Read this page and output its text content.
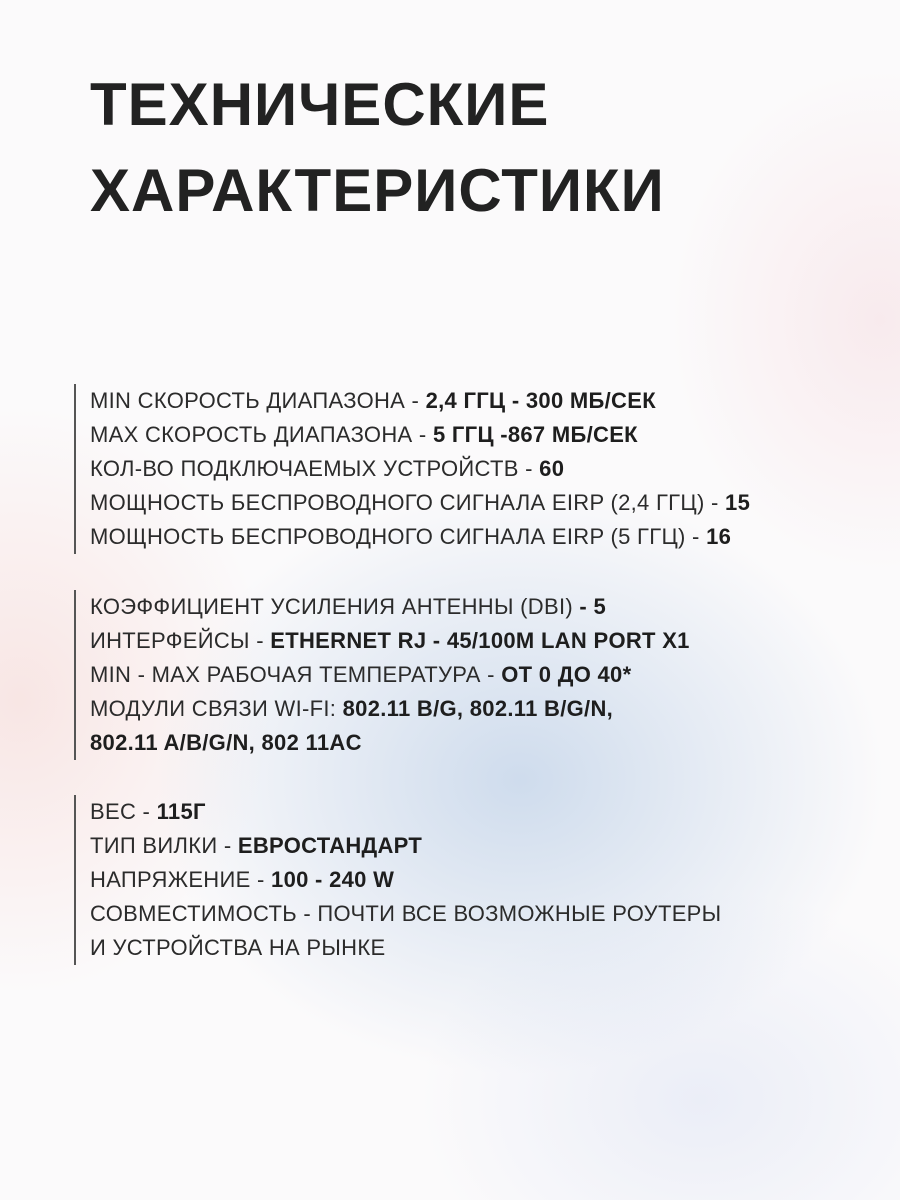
ТЕХНИЧЕСКИЕ
ХАРАКТЕРИСТИКИ
MIN СКОРОСТЬ ДИАПАЗОНА - 2,4 ГГЦ - 300 МБ/СЕК
MAX СКОРОСТЬ ДИАПАЗОНА - 5 ГГЦ -867 МБ/СЕК
КОЛ-ВО ПОДКЛЮЧАЕМЫХ УСТРОЙСТВ - 60
МОЩНОСТЬ БЕСПРОВОДНОГО СИГНАЛА EIRP (2,4 ГГЦ) - 15
МОЩНОСТЬ БЕСПРОВОДНОГО СИГНАЛА EIRP (5 ГГЦ) - 16
КОЭФФИЦИЕНТ УСИЛЕНИЯ АНТЕННЫ (DBI) - 5
ИНТЕРФЕЙСЫ - ETHERNET RJ - 45/100M LAN PORT X1
MIN - MAX РАБОЧАЯ ТЕМПЕРАТУРА - ОТ 0 ДО 40*
МОДУЛИ СВЯЗИ WI-FI: 802.11 B/G, 802.11 B/G/N,
802.11 A/B/G/N, 802 11AC
ВЕС - 115Г
ТИП ВИЛКИ - ЕВРОСТАНДАРТ
НАПРЯЖЕНИЕ - 100 - 240 W
СОВМЕСТИМОСТЬ - ПОЧТИ ВСЕ ВОЗМОЖНЫЕ РОУТЕРЫ
И УСТРОЙСТВА НА РЫНКЕ
